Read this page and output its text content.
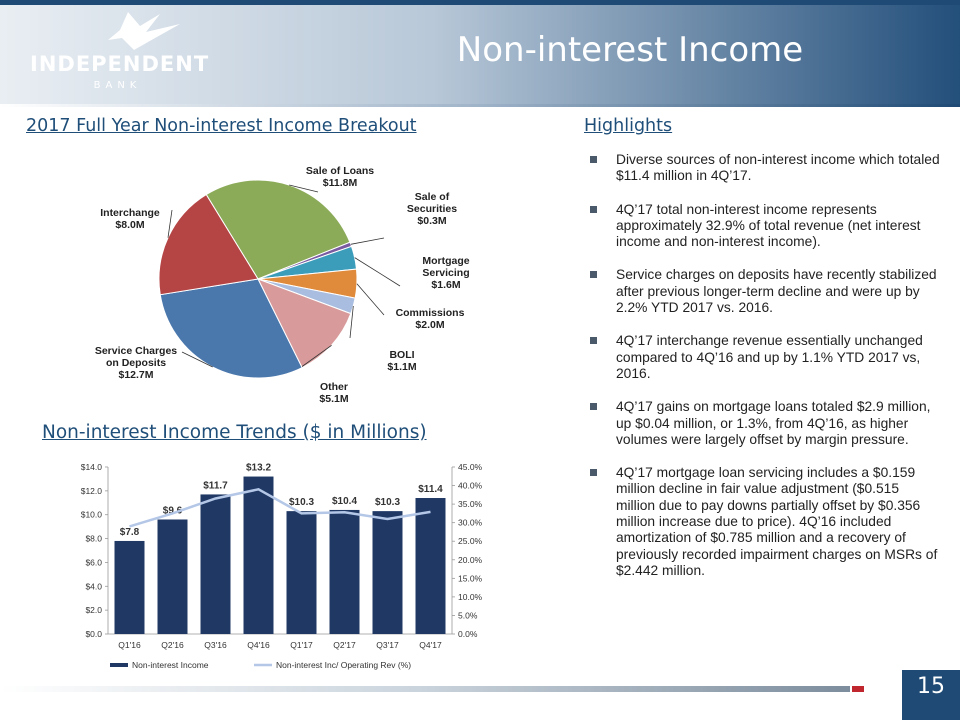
INDEPENDENT
BANK
Non-interest Income
2017 Full Year Non-interest Income Breakout
Sale of Loans $11.8M
Sale of Securities $0.3M
Mortgage Servicing $1.6M
Commissions $2.0M
BOLI $1.1M
Other $5.1M
Service Charges on Deposits $12.7M
Interchange $8.0M
Non-interest Income Trends ($ in Millions)
$0.0
$2.0
$4.0
$6.0
$8.0
$10.0
$12.0
$14.0
0.0%
5.0%
10.0%
15.0%
20.0%
25.0%
30.0%
35.0%
40.0%
45.0%
$7.8
Q1'16
$9.6
Q2'16
$11.7
Q3'16
$13.2
Q4'16
$10.3
Q1'17
$10.4
Q2'17
$10.3
Q3'17
$11.4
Q4'17
Non-interest Income	Non-interest Inc/ Operating Rev (%)
Highlights
Diverse sources of non-interest income which totaled $11.4 million in 4Q’17.
4Q’17 total non-interest income represents approximately 32.9% of total revenue (net interest income and non-interest income).
Service charges on deposits have recently stabilized after previous longer-term decline and were up by 2.2% YTD 2017 vs. 2016.
4Q’17 interchange revenue essentially unchanged compared to 4Q’16 and up by 1.1% YTD 2017 vs, 2016.
4Q’17 gains on mortgage loans totaled $2.9 million, up $0.04 million, or 1.3%, from 4Q’16, as higher volumes were largely offset by margin pressure.
4Q’17 mortgage loan servicing includes a $0.159 million decline in fair value adjustment ($0.515 million due to pay downs partially offset by $0.356 million increase due to price). 4Q’16 included amortization of $0.785 million and a recovery of previously recorded impairment charges on MSRs of $2.442 million.
15
